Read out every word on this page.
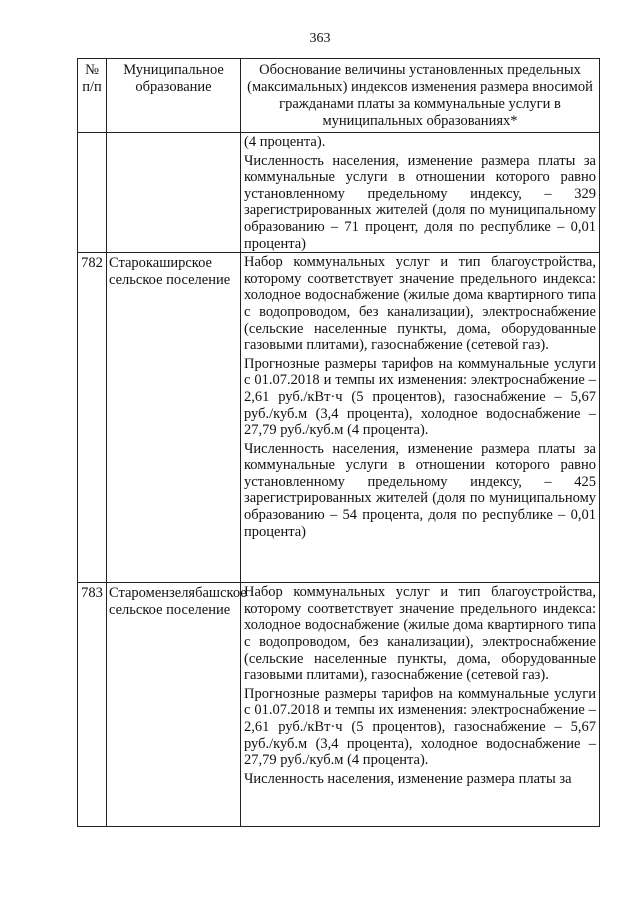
363
№ п/п	Муниципальное образование	Обоснование величины установленных предельных (максимальных) индексов изменения размера вносимой гражданами платы за коммунальные услуги в муниципальных образованиях*

		(4 процента).

Численность населения, изменение размера платы за коммунальные услуги в отношении которого равно установленному предельному индексу, – 329 зарегистрированных жителей (доля по муниципальному образованию – 71 процент, доля по республике – 0,01 процента)

782	Старокаширское сельское поселение	Набор коммунальных услуг и тип благоустройства, которому соответствует значение предельного индекса: холодное водоснабжение (жилые дома квартирного типа с водопроводом, без канализации), электроснабжение (сельские населенные пункты, дома, оборудованные газовыми плитами), газоснабжение (сетевой газ).

Прогнозные размеры тарифов на коммунальные услуги с 01.07.2018 и темпы их изменения: электроснабжение – 2,61 руб./кВт·ч (5 процентов), газоснабжение – 5,67 руб./куб.м (3,4 процента), холодное водоснабжение – 27,79 руб./куб.м (4 процента).

Численность населения, изменение размера платы за коммунальные услуги в отношении которого равно установленному предельному индексу, – 425 зарегистрированных жителей (доля по муниципальному образованию – 54 процента, доля по республике – 0,01 процента)

783	Старомензелябашское сельское поселение	Набор коммунальных услуг и тип благоустройства, которому соответствует значение предельного индекса: холодное водоснабжение (жилые дома квартирного типа с водопроводом, без канализации), электроснабжение (сельские населенные пункты, дома, оборудованные газовыми плитами), газоснабжение (сетевой газ).

Прогнозные размеры тарифов на коммунальные услуги с 01.07.2018 и темпы их изменения: электроснабжение – 2,61 руб./кВт·ч (5 процентов), газоснабжение – 5,67 руб./куб.м (3,4 процента), холодное водоснабжение – 27,79 руб./куб.м (4 процента).

Численность населения, изменение размера платы за
